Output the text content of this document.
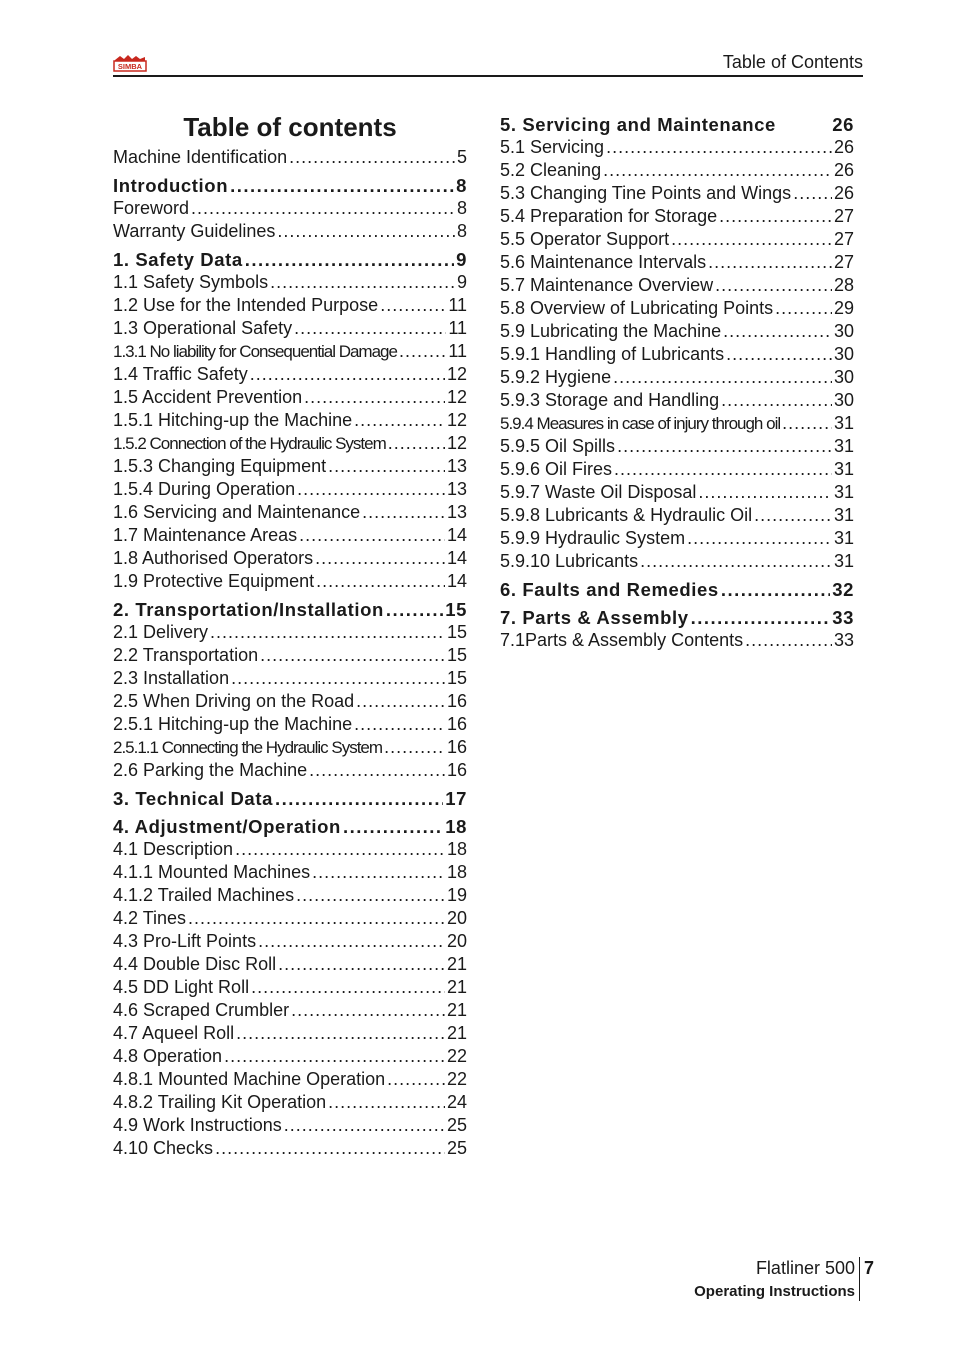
SIMBA	Table of Contents
Table of contents
Machine Identification .....	5
Introduction .....	8
Foreword .....	8
Warranty Guidelines .....	8
1. Safety Data .....	9
1.1 Safety Symbols .....	9
1.2 Use for the Intended Purpose .....	11
1.3 Operational Safety .....	11
1.3.1 No liability for Consequential Damage .....	11
1.4 Traffic Safety .....	12
1.5 Accident Prevention .....	12
1.5.1 Hitching-up the Machine .....	12
1.5.2 Connection of the Hydraulic System .....	12
1.5.3 Changing Equipment .....	13
1.5.4 During Operation .....	13
1.6 Servicing and Maintenance .....	13
1.7 Maintenance Areas .....	14
1.8 Authorised Operators .....	14
1.9 Protective Equipment .....	14
2. Transportation/Installation .....	15
2.1 Delivery .....	15
2.2 Transportation .....	15
2.3 Installation .....	15
2.5 When Driving on the Road .....	16
2.5.1 Hitching-up the Machine .....	16
2.5.1.1 Connecting the Hydraulic System .....	16
2.6 Parking the Machine .....	16
3. Technical Data .....	17
4. Adjustment/Operation .....	18
4.1 Description .....	18
4.1.1 Mounted Machines .....	18
4.1.2 Trailed Machines .....	19
4.2 Tines .....	20
4.3 Pro-Lift Points .....	20
4.4 Double Disc Roll .....	21
4.5 DD Light Roll .....	21
4.6 Scraped Crumbler .....	21
4.7 Aqueel Roll .....	21
4.8 Operation .....	22
4.8.1 Mounted Machine Operation .....	22
4.8.2 Trailing Kit Operation .....	24
4.9 Work Instructions .....	25
4.10 Checks .....	25
5. Servicing and Maintenance	26
5.1 Servicing .....	26
5.2 Cleaning .....	26
5.3 Changing Tine Points and Wings ..... 26
5.4 Preparation for Storage .....	27
5.5 Operator Support .....	27
5.6 Maintenance Intervals .....	27
5.7 Maintenance Overview .....	28
5.8 Overview of Lubricating Points .....	29
5.9 Lubricating the Machine .....	30
5.9.1 Handling of Lubricants .....	30
5.9.2 Hygiene .....	30
5.9.3 Storage and Handling .....	30
5.9.4 Measures in case of injury through oil .....	31
5.9.5 Oil Spills .....	31
5.9.6 Oil Fires .....	31
5.9.7 Waste Oil Disposal .....	31
5.9.8 Lubricants & Hydraulic Oil .....	31
5.9.9 Hydraulic System .....	31
5.9.10 Lubricants .....	31
6. Faults and Remedies .....	32
7. Parts & Assembly .....	33
7.1Parts & Assembly Contents .....	33
Flatliner 500 7
Operating Instructions
